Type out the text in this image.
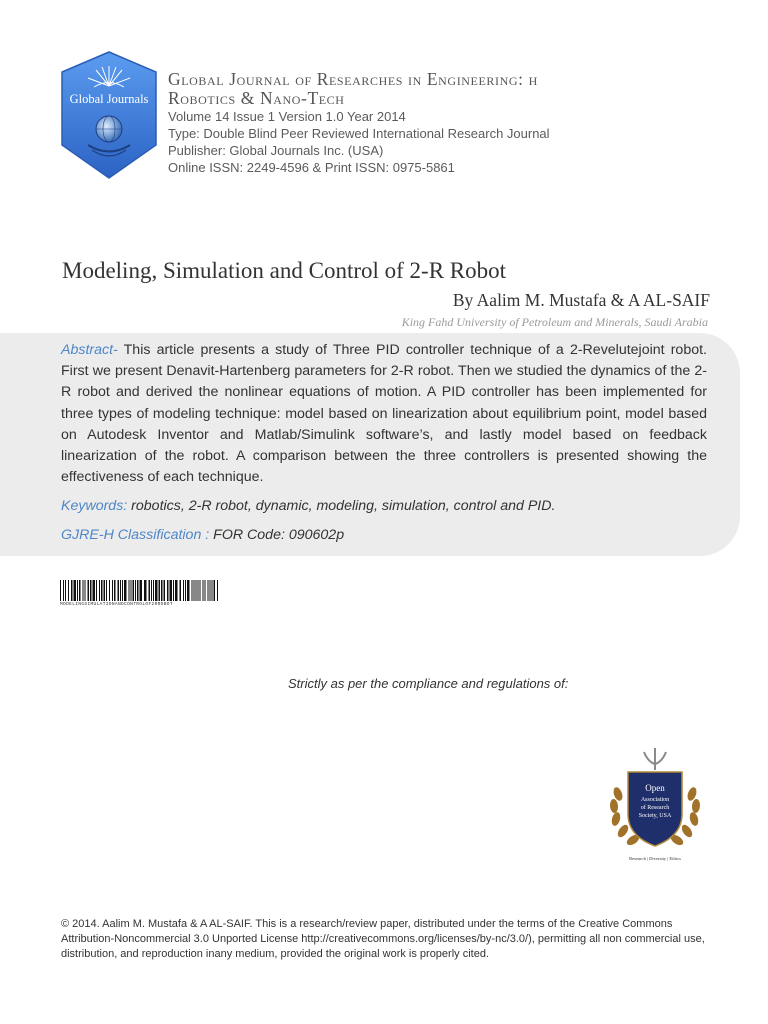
Global Journals
Global Journal of Researches in Engineering: h
Robotics & Nano-Tech
Volume 14 Issue 1 Version 1.0 Year 2014
Type: Double Blind Peer Reviewed International Research Journal
Publisher: Global Journals Inc. (USA)
Online ISSN: 2249-4596 & Print ISSN: 0975-5861
Modeling, Simulation and Control of 2-R Robot
By Aalim M. Mustafa & A AL-SAIF
King Fahd University of Petroleum and Minerals, Saudi Arabia
Abstract- This article presents a study of Three PID controller technique of a 2-Revelutejoint robot. First we present Denavit-Hartenberg parameters for 2-R robot. Then we studied the dynamics of the 2-R robot and derived the nonlinear equations of motion. A PID controller has been implemented for three types of modeling technique: model based on linearization about equilibrium point, model based on Autodesk Inventor and Matlab/Simulink software’s, and lastly model based on feedback linearization of the robot. A comparison between the three controllers is presented showing the effectiveness of each technique.
Keywords: robotics, 2-R robot, dynamic, modeling, simulation, control and PID.
GJRE-H Classification : FOR Code: 090602p
MODELINGSIMULATIONANDCONTROLOF2RROBOT
Strictly as per the compliance and regulations of:
Open
Association
of Research
Society, USA
Research | Diversity | Ethics
© 2014. Aalim M. Mustafa & A AL-SAIF. This is a research/review paper, distributed under the terms of the Creative Commons Attribution-Noncommercial 3.0 Unported License http://creativecommons.org/licenses/by-nc/3.0/), permitting all non commercial use, distribution, and reproduction inany medium, provided the original work is properly cited.
